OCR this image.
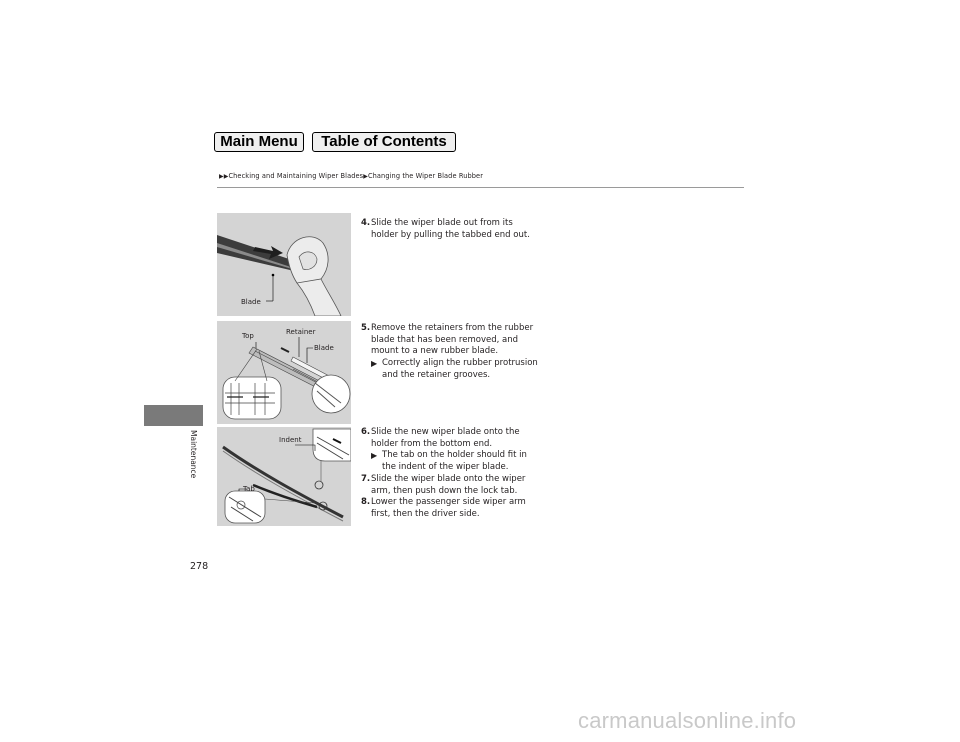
Main Menu	Table of Contents
▶▶Checking and Maintaining Wiper Blades▶Changing the Wiper Blade Rubber
Maintenance
278
Blade
Top	Retainer
Blade
Indent
Tab

4. Slide the wiper blade out from its holder by pulling the tabbed end out.

5. Remove the retainers from the rubber blade that has been removed, and mount to a new rubber blade.

▶ Correctly align the rubber protrusion and the retainer grooves.

6. Slide the new wiper blade onto the holder from the bottom end.

▶ The tab on the holder should fit in the indent of the wiper blade.

7. Slide the wiper blade onto the wiper arm, then push down the lock tab.

8. Lower the passenger side wiper arm first, then the driver side.

carmanualsonline.info
